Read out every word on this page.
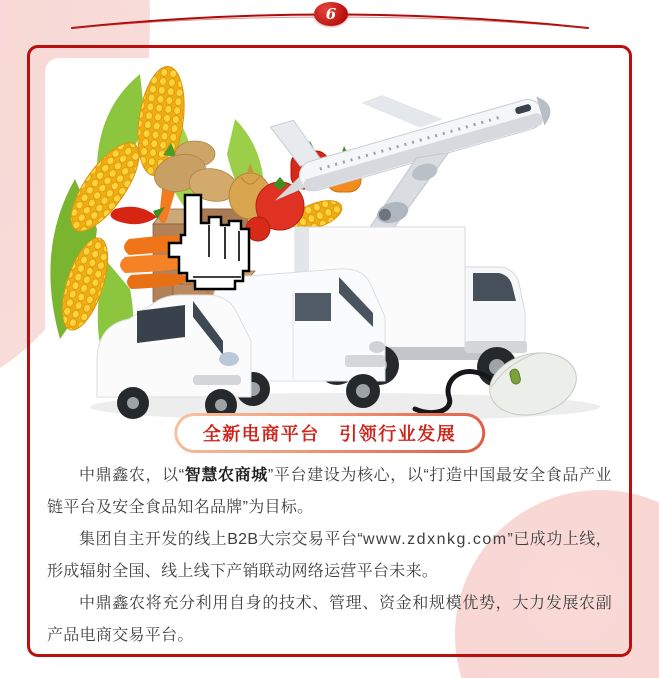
6
全新电商平台　引领行业发展

中鼎鑫农，以“智慧农商城”平台建设为核心，以“打造中国最安全食品产业链平台及安全食品知名品牌”为目标。

集团自主开发的线上B2B大宗交易平台“www.zdxnkg.com”已成功上线，形成辐射全国、线上线下产销联动网络运营平台未来。

中鼎鑫农将充分利用自身的技术、管理、资金和规模优势，大力发展农副产品电商交易平台。
